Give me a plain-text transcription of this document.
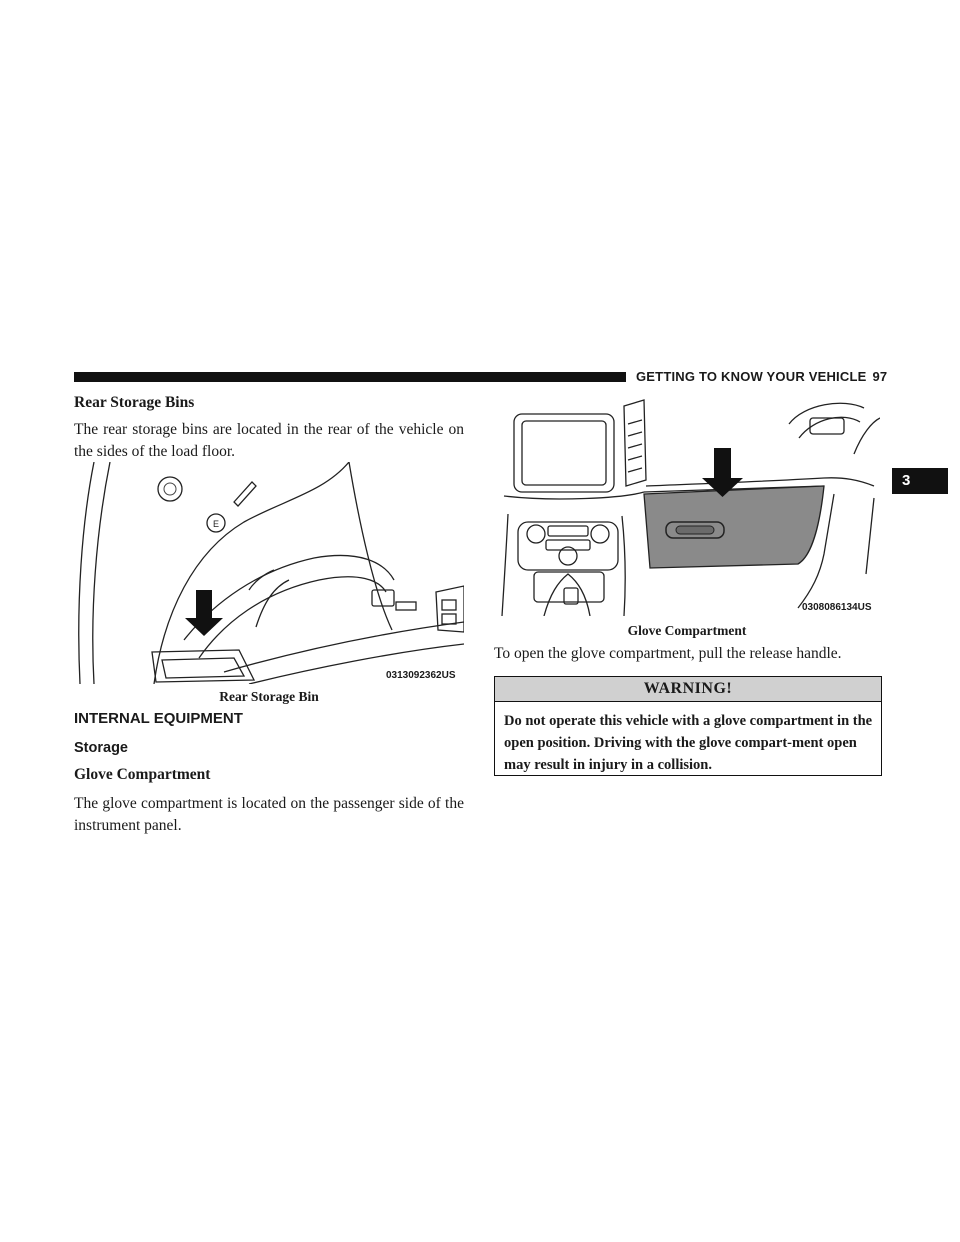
GETTING TO KNOW YOUR VEHICLE 97
3
Rear Storage Bins
The rear storage bins are located in the rear of the vehicle on the sides of the load floor.
E
0313092362US
Rear Storage Bin
INTERNAL EQUIPMENT
Storage
Glove Compartment
The glove compartment is located on the passenger side of the instrument panel.
0308086134US
Glove Compartment
To open the glove compartment, pull the release handle.
WARNING!
Do not operate this vehicle with a glove compartment in the open position. Driving with the glove compart-ment open may result in injury in a collision.
